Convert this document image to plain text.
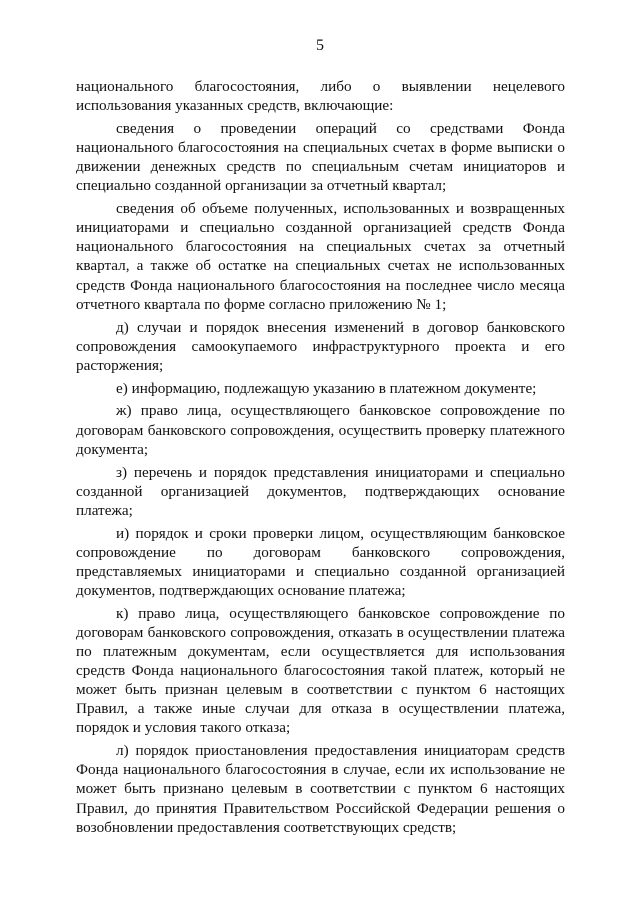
5

национального благосостояния, либо о выявлении нецелевого использования указанных средств, включающие:

сведения о проведении операций со средствами Фонда национального благосостояния на специальных счетах в форме выписки о движении денежных средств по специальным счетам инициаторов и специально созданной организации за отчетный квартал;

сведения об объеме полученных, использованных и возвращенных инициаторами и специально созданной организацией средств Фонда национального благосостояния на специальных счетах за отчетный квартал, а также об остатке на специальных счетах не использованных средств Фонда национального благосостояния на последнее число месяца отчетного квартала по форме согласно приложению № 1;

д) случаи и порядок внесения изменений в договор банковского сопровождения самоокупаемого инфраструктурного проекта и его расторжения;

е) информацию, подлежащую указанию в платежном документе;

ж) право лица, осуществляющего банковское сопровождение по договорам банковского сопровождения, осуществить проверку платежного документа;

з) перечень и порядок представления инициаторами и специально созданной организацией документов, подтверждающих основание платежа;

и) порядок и сроки проверки лицом, осуществляющим банковское сопровождение по договорам банковского сопровождения, представляемых инициаторами и специально созданной организацией документов, подтверждающих основание платежа;

к) право лица, осуществляющего банковское сопровождение по договорам банковского сопровождения, отказать в осуществлении платежа по платежным документам, если осуществляется для использования средств Фонда национального благосостояния такой платеж, который не может быть признан целевым в соответствии с пунктом 6 настоящих Правил, а также иные случаи для отказа в осуществлении платежа, порядок и условия такого отказа;

л) порядок приостановления предоставления инициаторам средств Фонда национального благосостояния в случае, если их использование не может быть признано целевым в соответствии с пунктом 6 настоящих Правил, до принятия Правительством Российской Федерации решения о возобновлении предоставления соответствующих средств;
